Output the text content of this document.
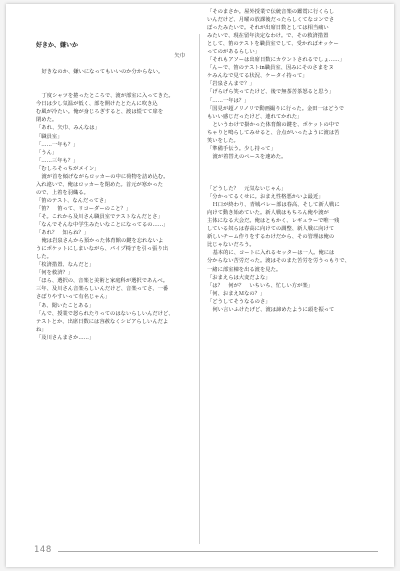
好きか、嫌いか

矢巾

好きなのか、嫌いになってもいいのか分からない。

丁度シャツを捲ったところで、渡が部室に入ってきた。

今日は少し気温が低く、部を開けたとたんに吹き込

む風が冷たい。俺が身じろぎすると、渡は慌てて扉を

閉めた。

「あれ、矢巾、みんなは」

「職員室」

「……一年も？」

「うん」

「……三年も？」

「むしろそっちがメイン」

渡が首を傾げながらロッカーの中に荷物を詰め込む。

入れ違いで、俺はロッカーを閉めた。首元が寒かった

ので、上着を羽織る。

「笛のテスト、なんだってさ」

「笛？　笛って、リコーダーのこと？」

「そ。これから及川さん職員室でテストなんだとさ」

「なんでそんな中学生みたいなことになってるの……」

「あれ？　知らね？」

俺は岩泉さんから預かった体育館の鍵を忘れないよ

うにポケットにしまいながら、パイプ椅子を引っ張り出

した。

「枚済措置、なんだと」

「何を救済？」

「ほら、選択の、音楽と美術と家庭科が選択であんべ。

三年、及川さん音楽らしいんだけど、音楽ってさ、一番

さぼりやすいって有名じゃん」

「あ、聞いたことある」

「んで、授業で怒られたりってのはないらしいんだけど、

テストとか、出席日数には容赦なくシビアらしいんだよ

ね」

「及川さんまさか……」

「そのまさか。屋外授業で伝統音楽の鑑賞に行くらし

いんだけど、月曜の放課後だったらしくてなコンでさ

ぼったみたいで。それが出席日数としては相当痛い

みたいで、現在留年決定なわけ。で、その救済措置

として、笛のテストを職員室でして、受かればオッケー

ってのがあるらしい」

「それもアソーは出席日数にカウントされるでしょ……」

「んーで、笛のテストin職員室、因みにそのさまをヌ

ケみんなで見てる状況、ケータイ持って」

「岩泉さんまで？」

「げらげら笑ってたけど、後で無茶苦茶怒ると思う」

「……一年は？」

「国見が超ノリノリで動画撮りに行った。金田一はどうで

もいい感じだったけど、連れてかれた」

というわけで掛かった体育館の鍵を、ポケットの中で

ちゃりと鳴らしてみせると、合点がいったように渡は苦

笑いをした。

「準備手伝う。少し持って」

渡が着替えのペースを速めた。

「どうした？　元気ないじゃん」

「分かってるくせに。おまえ性格悪かいよ最近」

Ｈ口が終わり、青城バレー部は春高、そして新人戦に

向けて動き始めていた。新人戦はもちろん俺や渡が

主体になる大会だ。俺はともかく、レギュラーで唯一残

している奴らは春高に向けての調整、新人戦に向けて

新しいチーム作りをするわけだから、その管理は俺の

比じゃないだろう。

基本的に、コートに入れるセッターは一人。俺には

分からない苦労だった。渡はそのまた苦労を労うっもりで、

一緒に部室棟を出る渡を見た。

「おまえらは大変だよな」

「は？　何が？　いちいち、忙しい方が楽」

「何、おまえＭなの？」

「どうしてそうなるのさ」

何い言いふけたげど、渡は諦めたように頭を振って

148
